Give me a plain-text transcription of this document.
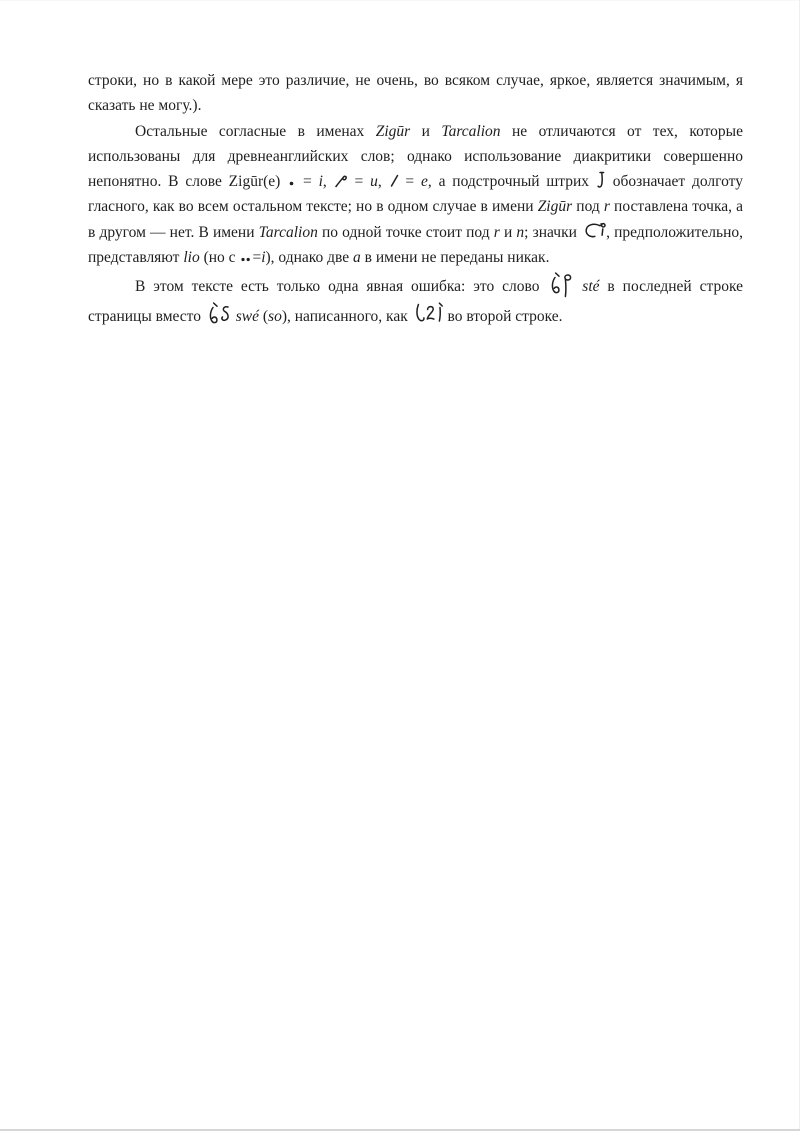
строки, но в какой мере это различие, не очень, во всяком случае, яркое, является значимым, я сказать не могу.).

Остальные согласные в именах Zigūr и Tarcalion не отличаются от тех, которые использованы для древнеанглийских слов; однако использование диакритики совершенно непонятно. В слове Zigūr(e)  = i,  = u,  = e, а подстрочный штрих  обозначает долготу гласного, как во всем остальном тексте; но в одном случае в имени Zigūr под r поставлена точка, а в другом — нет. В имени Tarcalion по одной точке стоит под r и n; значки , предположительно, представляют lio (но с =i), однако две a в имени не переданы никак.

В этом тексте есть только одна явная ошибка: это слово  sté в последней строке страницы вместо  swé (so), написанного, как  во второй строке.
